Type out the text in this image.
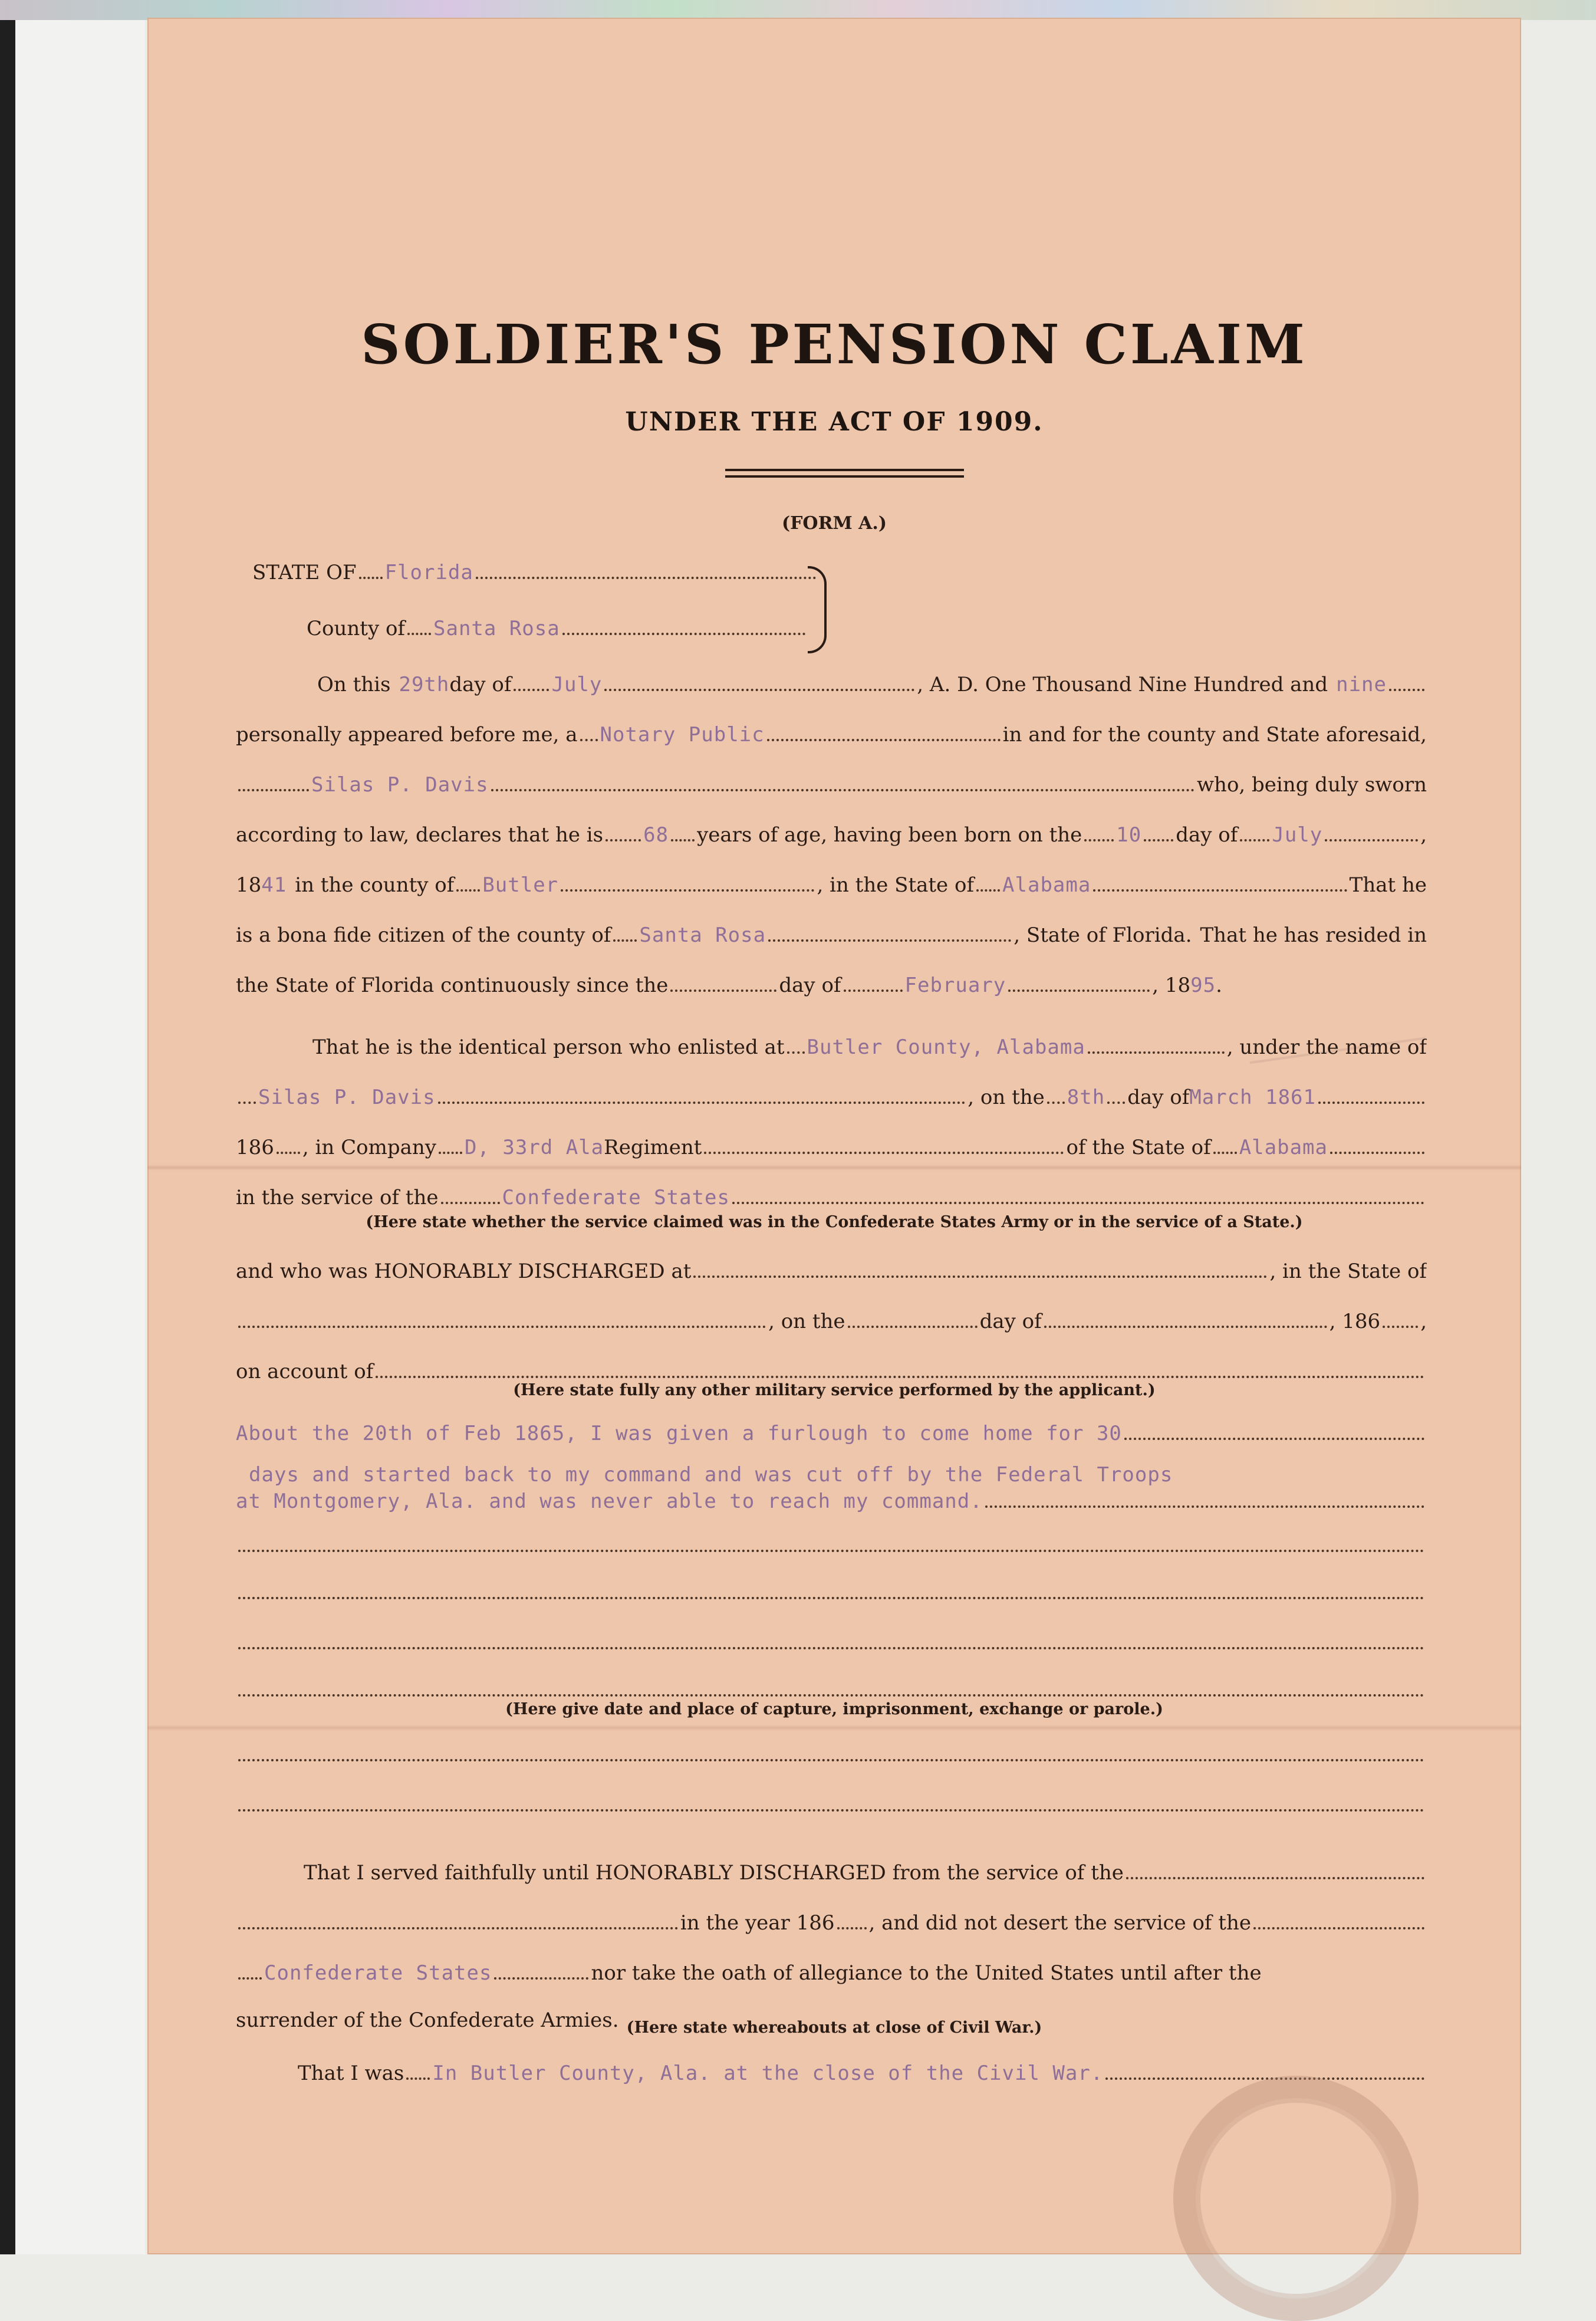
SOLDIER'S PENSION CLAIM
UNDER THE ACT OF 1909.
(FORM A.)
STATE OF Florida
County of Santa Rosa
On this 29th day of July	, A. D. One Thousand Nine Hundred and nine
personally appeared before me, a Notary Public	in and for the county and State aforesaid,
Silas P. Davis	who, being duly sworn
according to law, declares that he is 68 years of age, having been born on the 10 day of July	,
18 41 in the county of Butler	, in the State of Alabama	That he
is a bona fide citizen of the county of Santa Rosa	, State of Florida. That he has resided in
the State of Florida continuously since the	day of	February	, 18 95 .
That he is the identical person who enlisted at Butler County, Alabama	, under the name of
Silas P. Davis	, on the 8th day of March 1861
186 , in Company D, 33rd Ala Regiment	of the State of Alabama
in the service of the	Confederate States
(Here state whether the service claimed was in the Confederate States Army or in the service of a State.)
and who was HONORABLY DISCHARGED at	, in the State of
, on the	day of	, 186 ,
on account of
(Here state fully any other military service performed by the applicant.)
About the 20th of Feb 1865, I was given a furlough to come home for 30
days and started back to my command and was cut off by the Federal Troops
at Montgomery, Ala. and was never able to reach my command.
(Here give date and place of capture, imprisonment, exchange or parole.)
That I served faithfully until HONORABLY DISCHARGED from the service of the
in the year 186 , and did not desert the service of the
Confederate States	nor take the oath of allegiance to the United States until after the
surrender of the Confederate Armies. (Here state whereabouts at close of Civil War.)
That I was In Butler County, Ala. at the close of the Civil War.
